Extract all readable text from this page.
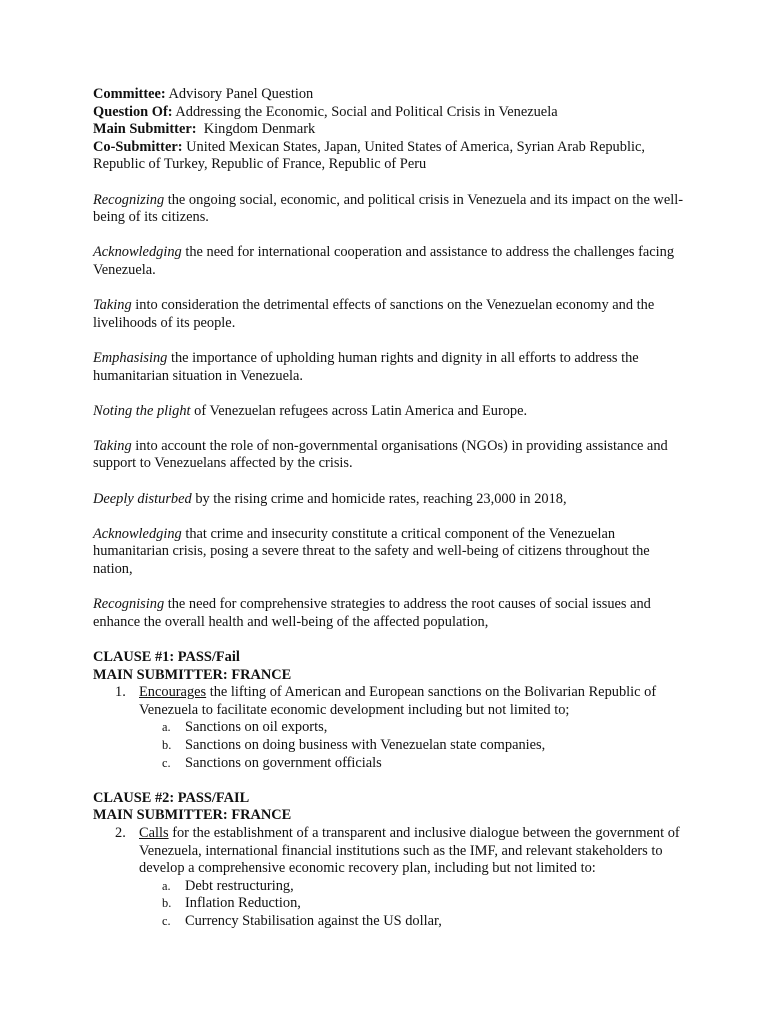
Committee: Advisory Panel Question

Question Of: Addressing the Economic, Social and Political Crisis in Venezuela

Main Submitter: Kingdom Denmark

Co-Submitter: United Mexican States, Japan, United States of America, Syrian Arab Republic, Republic of Turkey, Republic of France, Republic of Peru

Recognizing the ongoing social, economic, and political crisis in Venezuela and its impact on the well-being of its citizens.

Acknowledging the need for international cooperation and assistance to address the challenges facing Venezuela.

Taking into consideration the detrimental effects of sanctions on the Venezuelan economy and the livelihoods of its people.

Emphasising the importance of upholding human rights and dignity in all efforts to address the humanitarian situation in Venezuela.

Noting the plight of Venezuelan refugees across Latin America and Europe.

Taking into account the role of non-governmental organisations (NGOs) in providing assistance and support to Venezuelans affected by the crisis.

Deeply disturbed by the rising crime and homicide rates, reaching 23,000 in 2018,

Acknowledging that crime and insecurity constitute a critical component of the Venezuelan humanitarian crisis, posing a severe threat to the safety and well-being of citizens throughout the nation,

Recognising the need for comprehensive strategies to address the root causes of social issues and enhance the overall health and well-being of the affected population,

CLAUSE #1: PASS/Fail

MAIN SUBMITTER: FRANCE

1. Encourages the lifting of American and European sanctions on the Bolivarian Republic of Venezuela to facilitate economic development including but not limited to;

a. Sanctions on oil exports,

b. Sanctions on doing business with Venezuelan state companies,

c. Sanctions on government officials

CLAUSE #2: PASS/FAIL

MAIN SUBMITTER: FRANCE

2. Calls for the establishment of a transparent and inclusive dialogue between the government of Venezuela, international financial institutions such as the IMF, and relevant stakeholders to develop a comprehensive economic recovery plan, including but not limited to:

a. Debt restructuring,

b. Inflation Reduction,

c. Currency Stabilisation against the US dollar,
